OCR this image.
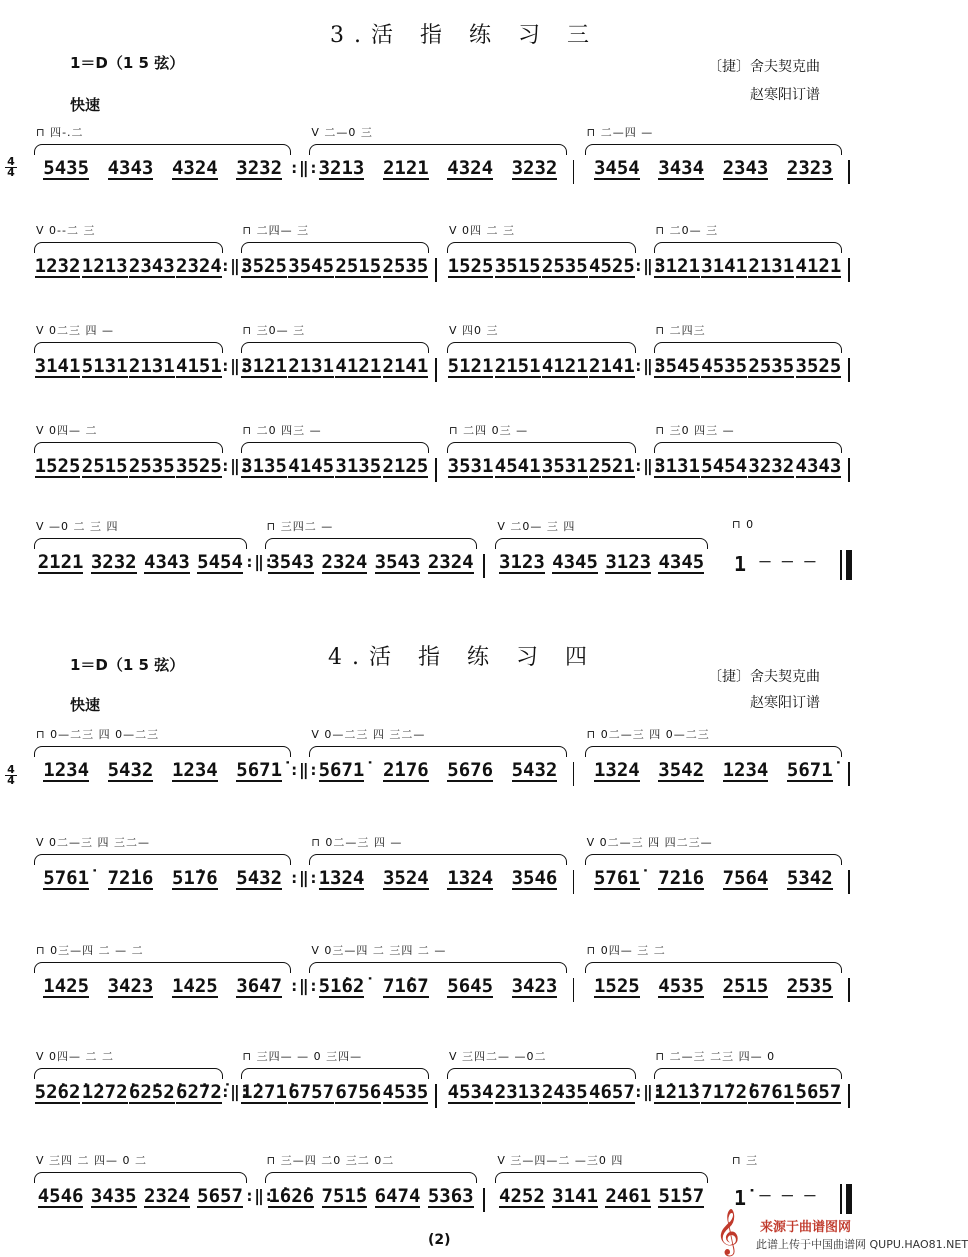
3.活 指 练 习 三
1＝D（1 5 弦）
快速
〔捷〕舍夫契克曲
赵寒阳订谱
4
4
⊓ 四-.二
5435 4343 4324 3232 :‖:
V 二—0 三
3213 2121 4324 3232
⊓ 二—四 —
3454 3434 2343 2323
V 0--二 三
1232 1213 2343 2324
:‖:
⊓ 二四— 三
3525 3545 2515 2535
V 0四 二 三
1525 3515 2535 4525
:‖:
⊓ 二0— 三
3121 3141 2131 4121
V 0二三 四 —
3141 5131 2131 4151
:‖:
⊓ 三0— 三
3121 2131 4121 2141
V 四0 三
5121 2151 4121 2141
:‖:
⊓ 二四三
3545 4535 2535 3525
V 0四— 二
1525 2515 2535 3525
:‖:
⊓ 二0 四三 —
3135 4145 3135 2125
⊓ 二四 0三 —
3531 4541 3531 2521
:‖:
⊓ 三0 四三 —
3131 5454 3232 4343
V —0 二 三 四
2121 3232 4343 5454 :‖:
⊓ 三四二 —
3543 2324 3543 2324
V 二0— 三 四
3123 4345 3123 4345
⊓ 0
1 － － －
4.活 指 练 习 四
1＝D（1 5 弦）
快速
〔捷〕舍夫契克曲
赵寒阳订谱
4
4
⊓ 0—二三 四 0—二三
1234 5432 1234 5671̇ :‖:
V 0—二三 四 三二—
5671̇ 2̇176 5676 5432
⊓ 0二—三 四 0—二三
1324 3542 1234 5671̇
V 0二—三 四 三二—
5761̇ 72̇16 51̇76 5432 :‖:
⊓ 0二—三 四 —
1324 3524 1324 3546
V 0二—三 四 四二三—
5761̇ 72̇16 7564 5342
⊓ 0三—四 二 — 二
1425 3423 1425 3647 :‖:
V 0三—四 二 三四 二 —
51̇62̇ 71̇67 5645 3423
⊓ 0四— 三 二
1525 4535 2515 2535
V 0四— 二 二
52̇62̇ 1̇272̇ 62̇52̇ 62̇72̇
:‖:
⊓ 三四— — 0 三四—
1̇271̇ 6757 6756 4535
V 三四二— —0二
4534 2313 2435 4657
:‖:
⊓ 二—三 二三 四— 0
1̇21̇3 71̇72̇ 6761̇ 5657
V 三四 二 四— 0 二
4546 3435 2324 5657 :‖:
⊓ 三—四 二0 三二 0二
1̇62̇6 751̇5 6474 5363
V 三—四—二 —三0 四
4252 3141 2461 51̇57
⊓ 三
1̇ － － －
(2)	𝄞 来源于曲谱图网
此谱上传于中国曲谱网 QUPU.HAO81.NET
